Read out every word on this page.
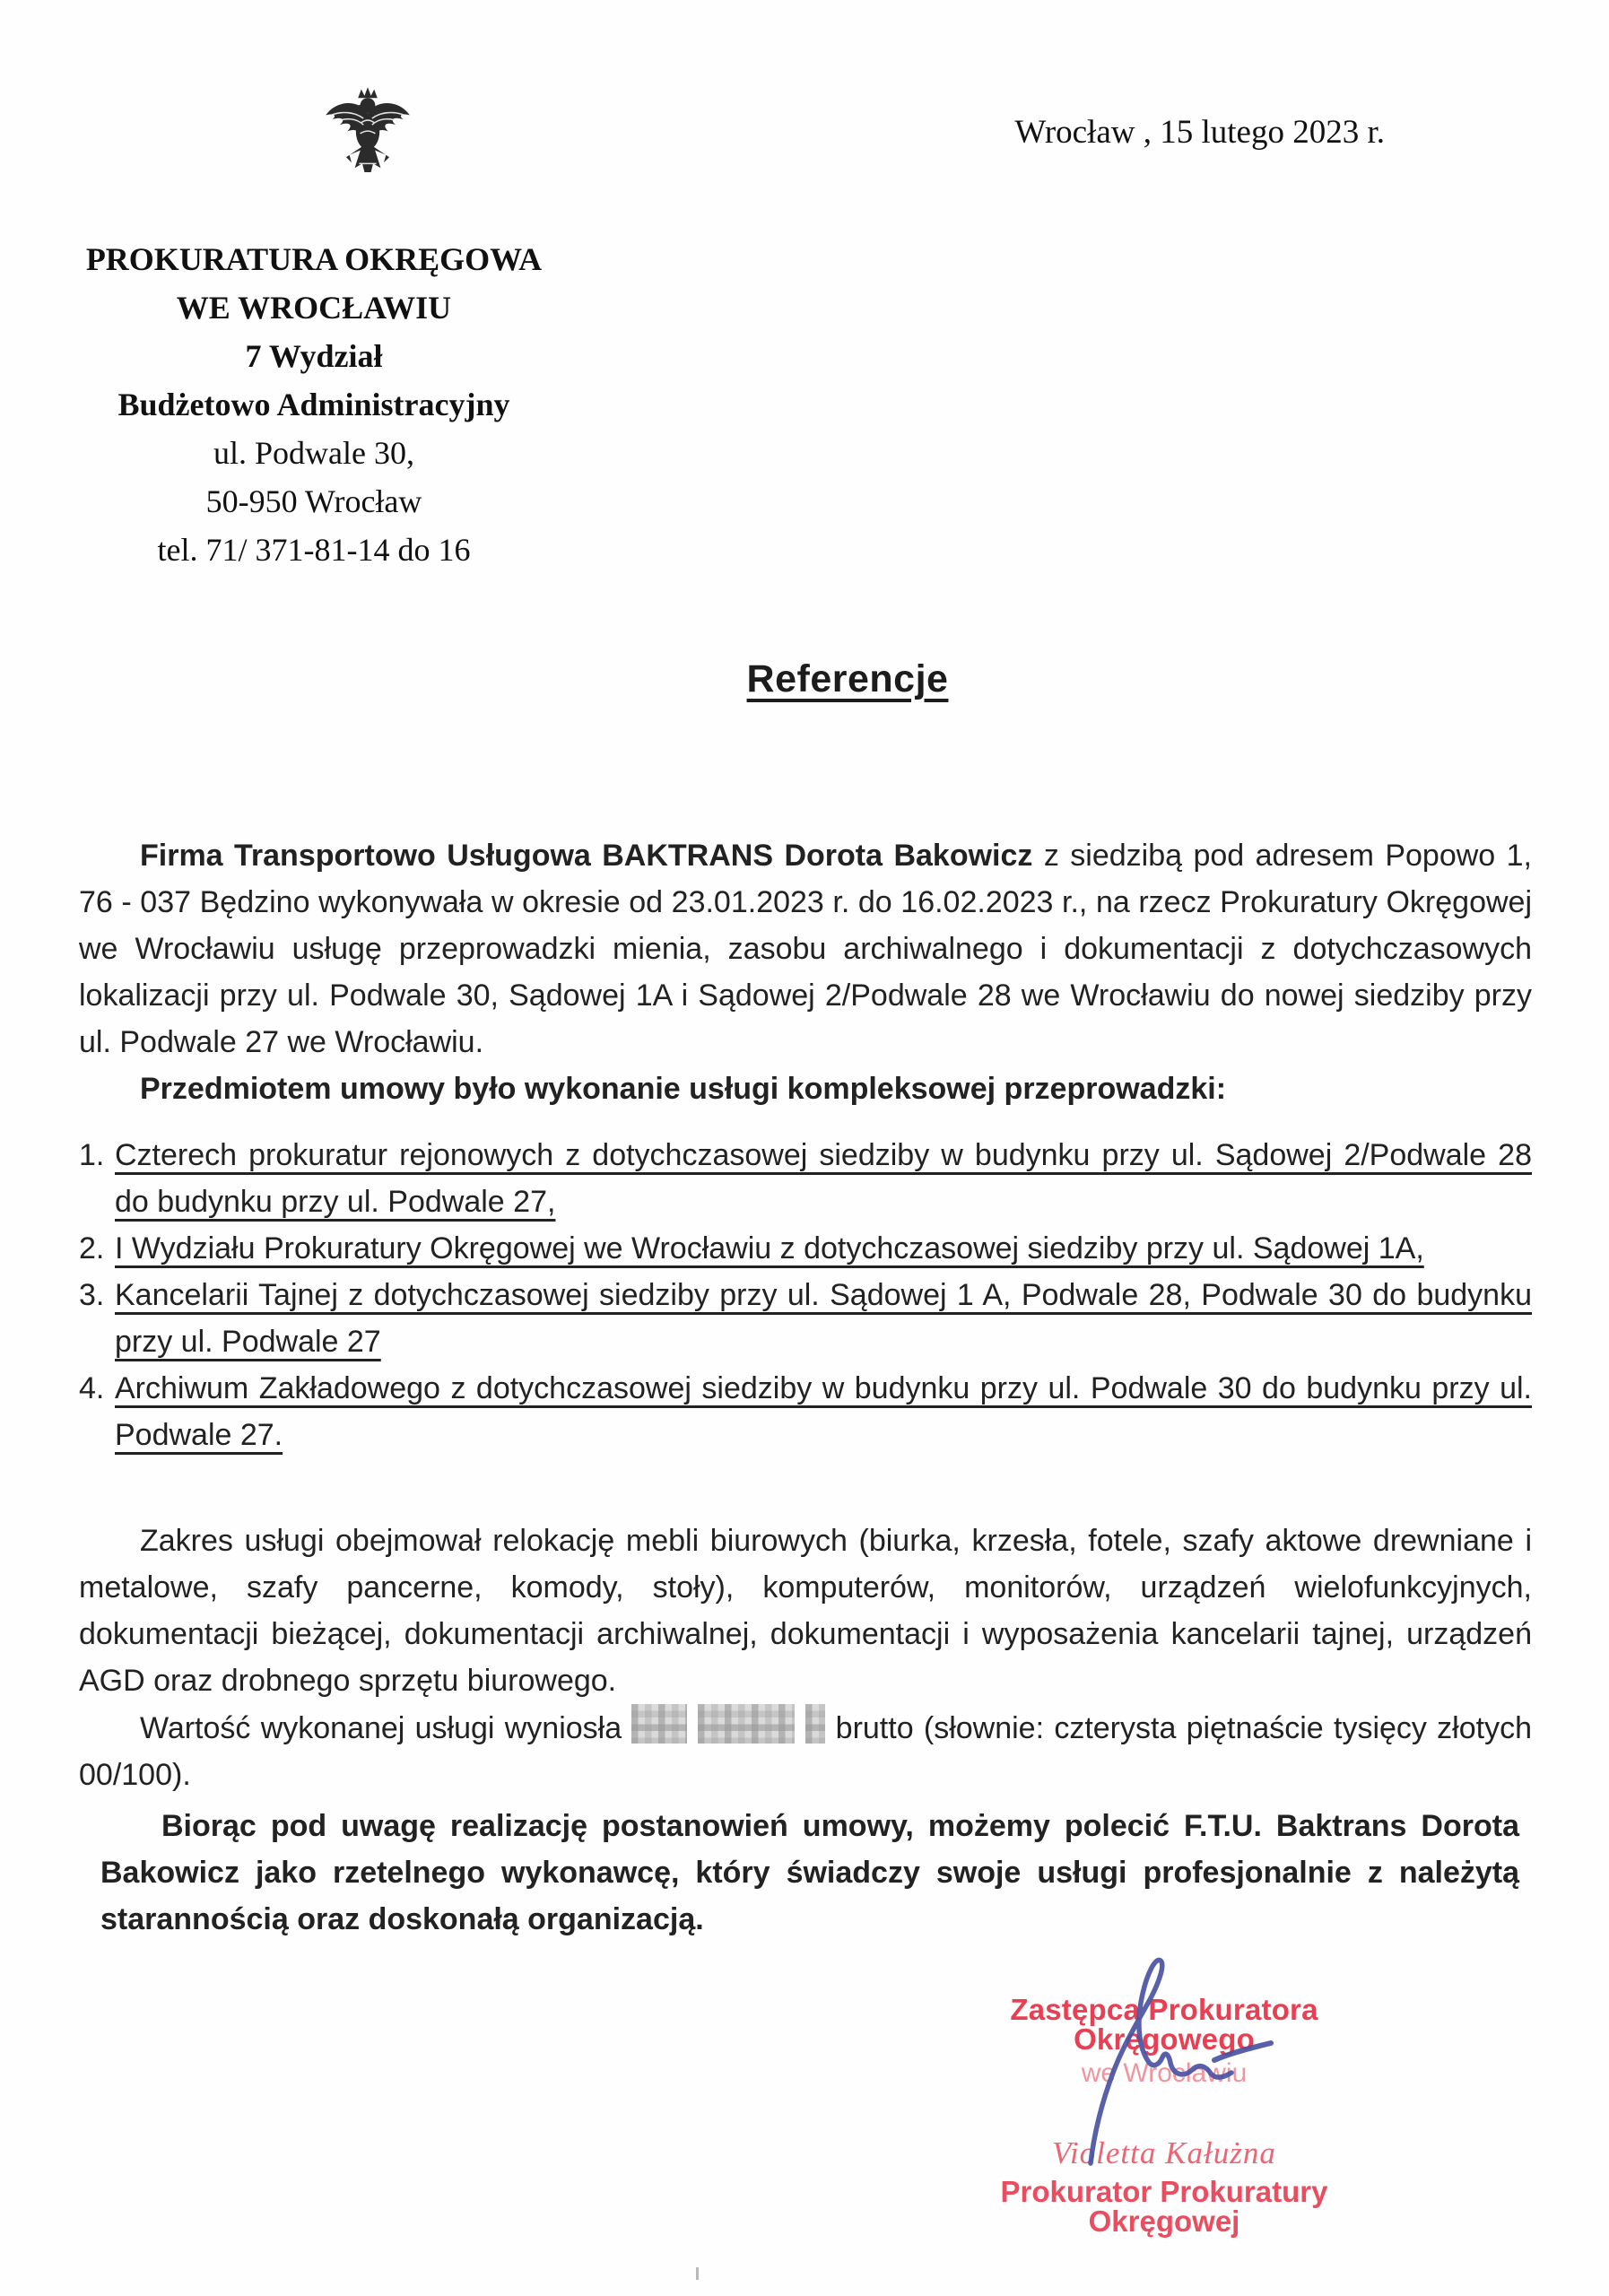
Wrocław , 15 lutego 2023 r.
PROKURATURA OKRĘGOWA
WE WROCŁAWIU
7 Wydział
Budżetowo Administracyjny
ul. Podwale 30,
50-950 Wrocław
tel. 71/ 371-81-14 do 16
Referencje

Firma Transportowo Usługowa BAKTRANS Dorota Bakowicz z siedzibą pod adresem Popowo 1, 76 - 037 Będzino wykonywała w okresie od 23.01.2023 r. do 16.02.2023 r., na rzecz Prokuratury Okręgowej we Wrocławiu usługę przeprowadzki mienia, zasobu archiwalnego i dokumentacji z dotychczasowych lokalizacji przy ul. Podwale 30, Sądowej 1A i Sądowej 2/Podwale 28 we Wrocławiu do nowej siedziby przy ul. Podwale 27 we Wrocławiu.

Przedmiotem umowy było wykonanie usługi kompleksowej przeprowadzki:

1. Czterech prokuratur rejonowych z dotychczasowej siedziby w budynku przy ul. Sądowej 2/Podwale 28 do budynku przy ul. Podwale 27,
2. I Wydziału Prokuratury Okręgowej we Wrocławiu z dotychczasowej siedziby przy ul. Sądowej 1A,
3. Kancelarii Tajnej z dotychczasowej siedziby przy ul. Sądowej 1 A, Podwale 28, Podwale 30 do budynku przy ul. Podwale 27
4. Archiwum Zakładowego z dotychczasowej siedziby w budynku przy ul. Podwale 30 do budynku przy ul. Podwale 27.

Zakres usługi obejmował relokację mebli biurowych (biurka, krzesła, fotele, szafy aktowe drewniane i metalowe, szafy pancerne, komody, stoły), komputerów, monitorów, urządzeń wielofunkcyjnych, dokumentacji bieżącej, dokumentacji archiwalnej, dokumentacji i wyposażenia kancelarii tajnej, urządzeń AGD oraz drobnego sprzętu biurowego.

Wartość wykonanej usługi wyniosła	brutto (słownie: czterysta piętnaście tysięcy złotych 00/100).

Biorąc pod uwagę realizację postanowień umowy, możemy polecić F.T.U. Baktrans Dorota Bakowicz jako rzetelnego wykonawcę, który świadczy swoje usługi profesjonalnie z należytą starannością oraz doskonałą organizacją.

Zastępca Prokuratora Okręgowego
we Wrocławiu
Violetta Kałużna
Prokurator Prokuratury Okręgowej
